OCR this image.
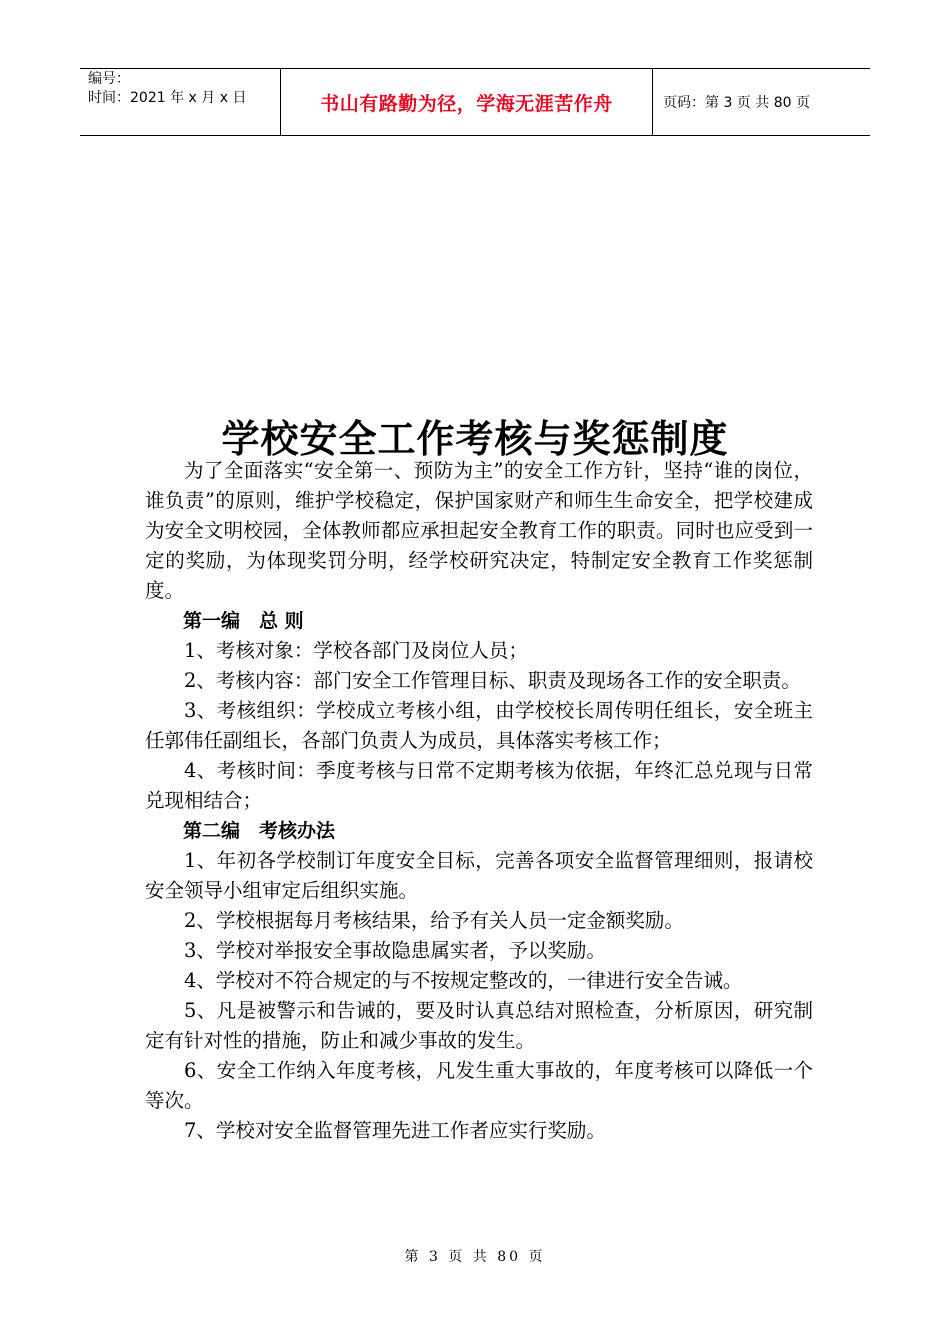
编号：
时间：2021 年 x 月 x 日	书山有路勤为径，学海无涯苦作舟	页码：第 3 页 共 80 页
学校安全工作考核与奖惩制度

为了全面落实“安全第一、预防为主”的安全工作方针，坚持“谁的岗位，谁负责”的原则，维护学校稳定，保护国家财产和师生生命安全，把学校建成为安全文明校园，全体教师都应承担起安全教育工作的职责。同时也应受到一定的奖励，为体现奖罚分明，经学校研究决定，特制定安全教育工作奖惩制度。

第一编　总 则

1、考核对象：学校各部门及岗位人员；

2、考核内容：部门安全工作管理目标、职责及现场各工作的安全职责。

3、考核组织：学校成立考核小组，由学校校长周传明任组长，安全班主任郭伟任副组长，各部门负责人为成员，具体落实考核工作；

4、考核时间：季度考核与日常不定期考核为依据，年终汇总兑现与日常兑现相结合；

第二编　考核办法

1、年初各学校制订年度安全目标，完善各项安全监督管理细则，报请校安全领导小组审定后组织实施。

2、学校根据每月考核结果，给予有关人员一定金额奖励。

3、学校对举报安全事故隐患属实者，予以奖励。

4、学校对不符合规定的与不按规定整改的，一律进行安全告诫。

5、凡是被警示和告诫的，要及时认真总结对照检查，分析原因，研究制定有针对性的措施，防止和减少事故的发生。

6、安全工作纳入年度考核，凡发生重大事故的，年度考核可以降低一个等次。

7、学校对安全监督管理先进工作者应实行奖励。

第 3 页 共 80 页
